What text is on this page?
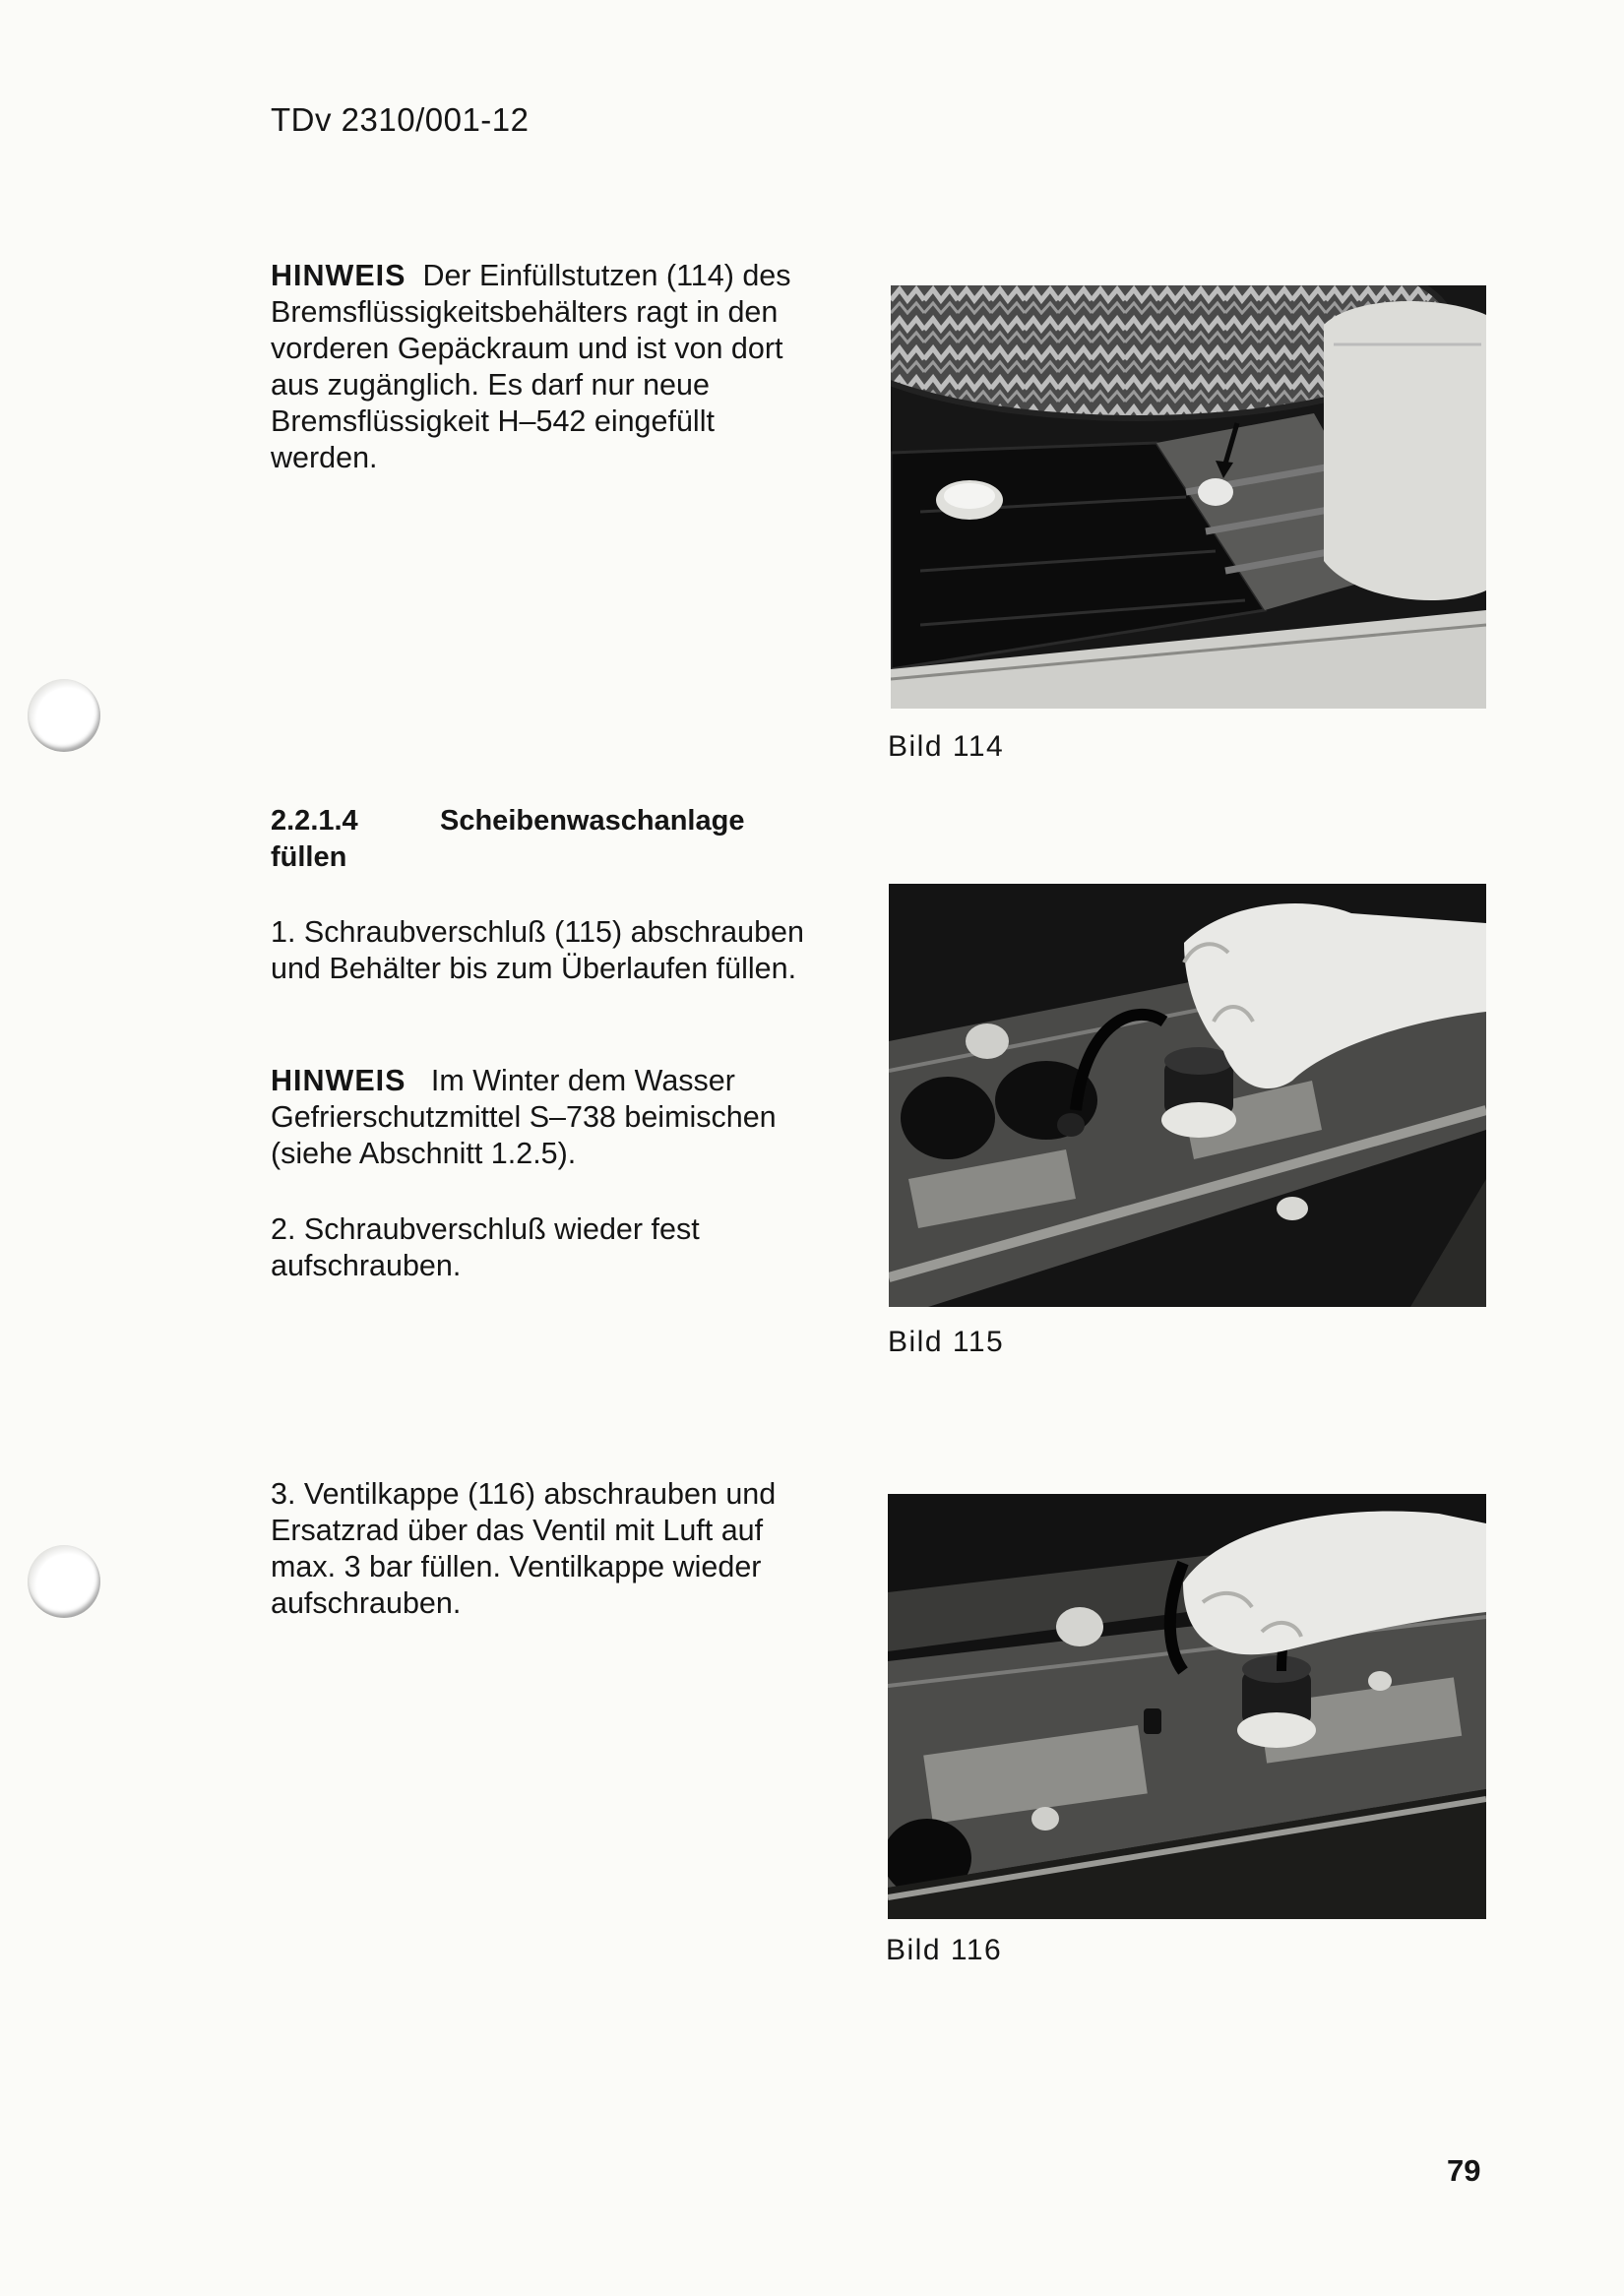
TDv 2310/001-12
HINWEIS Der Einfüllstutzen (114) des Bremsflüssigkeitsbehälters ragt in den vorderen Gepäckraum und ist von dort aus zugänglich. Es darf nur neue Bremsflüssigkeit H–542 eingefüllt werden.
Bild 114
2.2.1.4	Scheibenwaschanlage
füllen
1. Schraubverschluß (115) abschrauben und Behälter bis zum Überlaufen füllen.
HINWEIS Im Winter dem Wasser Gefrierschutzmittel S–738 beimischen (siehe Abschnitt 1.2.5).
2. Schraubverschluß wieder fest aufschrauben.
Bild 115
3. Ventilkappe (116) abschrauben und Ersatzrad über das Ventil mit Luft auf max. 3 bar füllen. Ventilkappe wieder aufschrauben.
Bild 116
79
